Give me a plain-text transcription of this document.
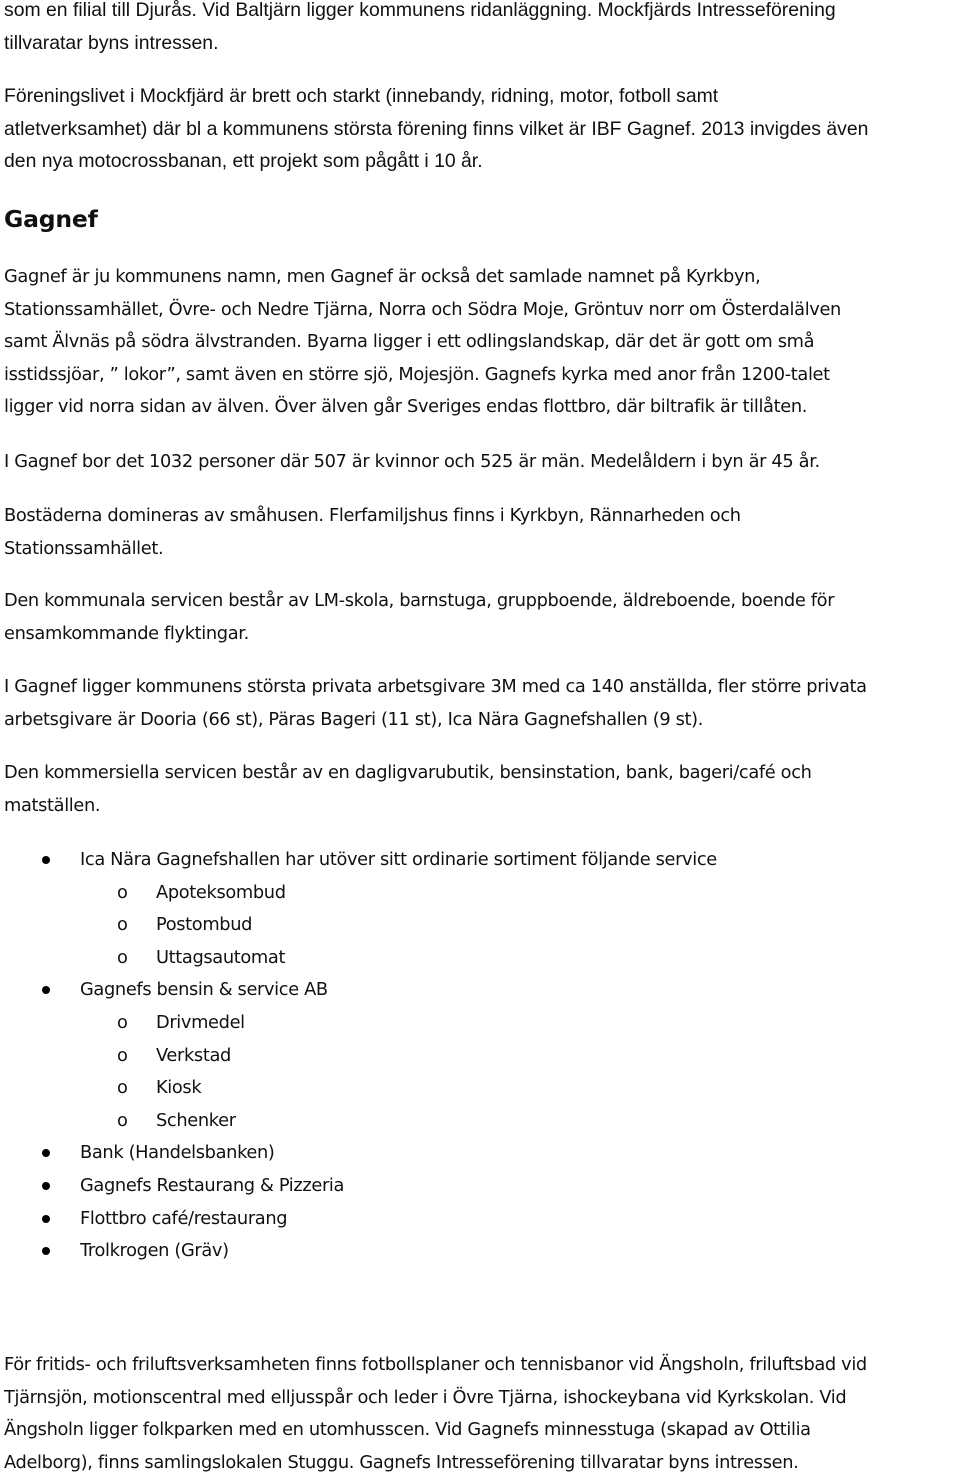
som en filial till Djurås. Vid Baltjärn ligger kommunens ridanläggning. Mockfjärds Intresseförening

tillvaratar byns intressen.

Föreningslivet i Mockfjärd är brett och starkt (innebandy, ridning, motor, fotboll samt

atletverksamhet) där bl a kommunens största förening finns vilket är IBF Gagnef. 2013 invigdes även

den nya motocrossbanan, ett projekt som pågått i 10 år.

Gagnef

Gagnef är ju kommunens namn, men Gagnef är också det samlade namnet på Kyrkbyn,

Stationssamhället, Övre- och Nedre Tjärna, Norra och Södra Moje, Gröntuv norr om Österdalälven

samt Älvnäs på södra älvstranden. Byarna ligger i ett odlingslandskap, där det är gott om små

isstidssjöar, ” lokor”, samt även en större sjö, Mojesjön. Gagnefs kyrka med anor från 1200-talet

ligger vid norra sidan av älven. Över älven går Sveriges endas flottbro, där biltrafik är tillåten.

I Gagnef bor det 1032 personer där 507 är kvinnor och 525 är män. Medelåldern i byn är 45 år.

Bostäderna domineras av småhusen. Flerfamiljshus finns i Kyrkbyn, Rännarheden och

Stationssamhället.

Den kommunala servicen består av LM-skola, barnstuga, gruppboende, äldreboende, boende för

ensamkommande flyktingar.

I Gagnef ligger kommunens största privata arbetsgivare 3M med ca 140 anställda, fler större privata

arbetsgivare är Dooria (66 st), Päras Bageri (11 st), Ica Nära Gagnefshallen (9 st).

Den kommersiella servicen består av en dagligvarubutik, bensinstation, bank, bageri/café och

matställen.

Ica Nära Gagnefshallen har utöver sitt ordinarie sortiment följande service
o Apoteksombud
o Postombud
o Uttagsautomat
Gagnefs bensin & service AB
o Drivmedel
o Verkstad
o Kiosk
o Schenker
Bank (Handelsbanken)
Gagnefs Restaurang & Pizzeria
Flottbro café/restaurang
Trolkrogen (Gräv)

För fritids- och friluftsverksamheten finns fotbollsplaner och tennisbanor vid Ängsholn, friluftsbad vid

Tjärnsjön, motionscentral med elljusspår och leder i Övre Tjärna, ishockeybana vid Kyrkskolan. Vid

Ängsholn ligger folkparken med en utomhusscen. Vid Gagnefs minnesstuga (skapad av Ottilia

Adelborg), finns samlingslokalen Stuggu. Gagnefs Intresseförening tillvaratar byns intressen.
